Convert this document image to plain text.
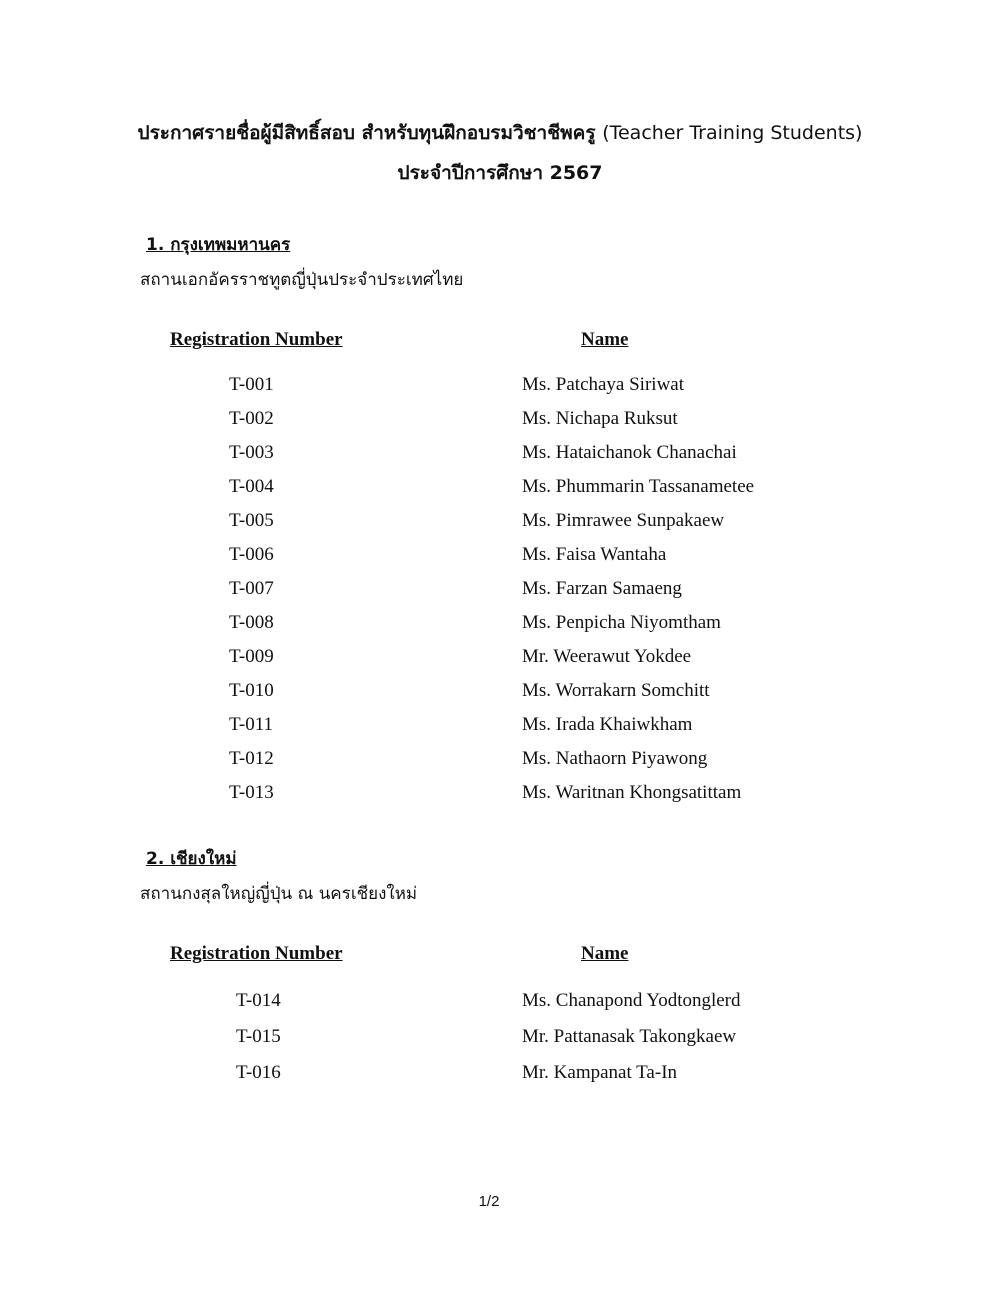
ประกาศรายชื่อผู้มีสิทธิ์สอบ สำหรับทุนฝึกอบรมวิชาชีพครู (Teacher Training Students)
ประจำปีการศึกษา 2567
1. กรุงเทพมหานคร
สถานเอกอัครราชทูตญี่ปุ่นประจำประเทศไทย
Registration Number	Name
T-001	Ms. Patchaya Siriwat
T-002	Ms. Nichapa Ruksut
T-003	Ms. Hataichanok Chanachai
T-004	Ms. Phummarin Tassanametee
T-005	Ms. Pimrawee Sunpakaew
T-006	Ms. Faisa Wantaha
T-007	Ms. Farzan Samaeng
T-008	Ms. Penpicha Niyomtham
T-009	Mr. Weerawut Yokdee
T-010	Ms. Worrakarn Somchitt
T-011	Ms. Irada Khaiwkham
T-012	Ms. Nathaorn Piyawong
T-013	Ms. Waritnan Khongsatittam
2. เชียงใหม่
สถานกงสุลใหญ่ญี่ปุ่น ณ นครเชียงใหม่
Registration Number	Name
T-014	Ms. Chanapond Yodtonglerd
T-015	Mr. Pattanasak Takongkaew
T-016	Mr. Kampanat Ta-In
1/2
